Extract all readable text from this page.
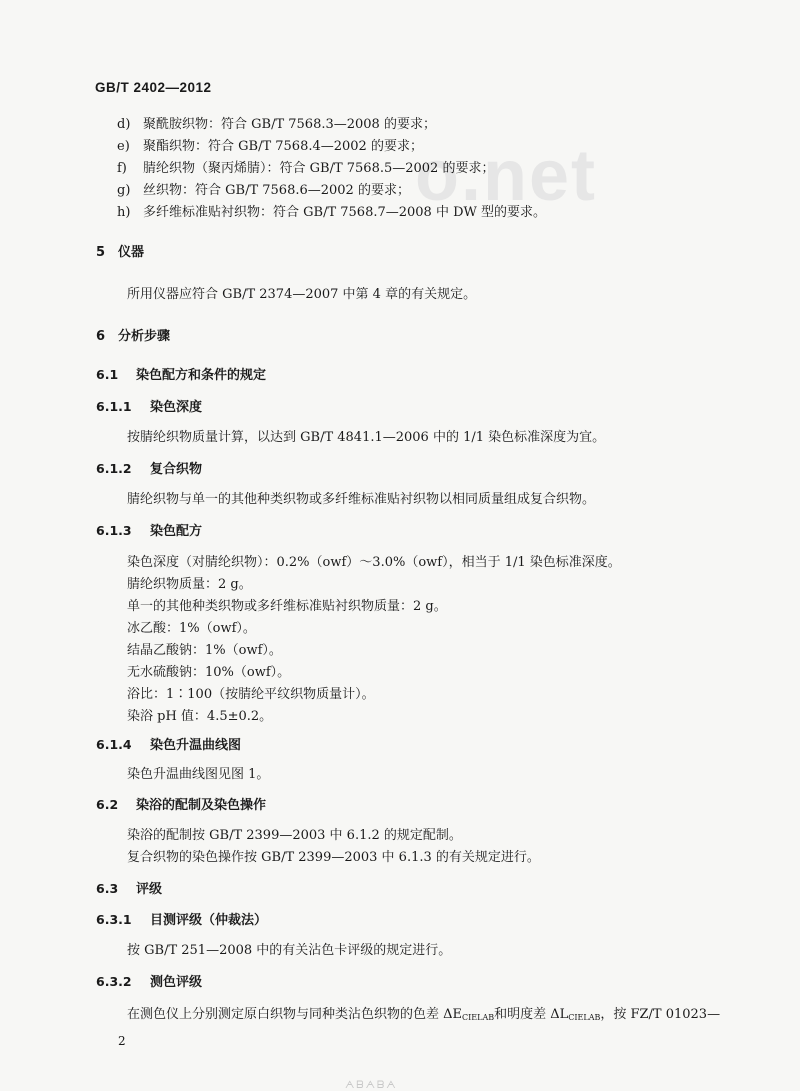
o.net
GB/T 2402—2012
d) 聚酰胺织物：符合 GB/T 7568.3—2008 的要求；
e) 聚酯织物：符合 GB/T 7568.4—2002 的要求；
f) 腈纶织物（聚丙烯腈）：符合 GB/T 7568.5—2002 的要求；
g) 丝织物：符合 GB/T 7568.6—2002 的要求；
h) 多纤维标准贴衬织物：符合 GB/T 7568.7—2008 中 DW 型的要求。
5 仪器
所用仪器应符合 GB/T 2374—2007 中第 4 章的有关规定。
6 分析步骤
6.1 染色配方和条件的规定
6.1.1 染色深度
按腈纶织物质量计算，以达到 GB/T 4841.1—2006 中的 1/1 染色标准深度为宜。
6.1.2 复合织物
腈纶织物与单一的其他种类织物或多纤维标准贴衬织物以相同质量组成复合织物。
6.1.3 染色配方
染色深度（对腈纶织物）：0.2%（owf）～3.0%（owf），相当于 1/1 染色标准深度。
腈纶织物质量：2 g。
单一的其他种类织物或多纤维标准贴衬织物质量：2 g。
冰乙酸：1%（owf）。
结晶乙酸钠：1%（owf）。
无水硫酸钠：10%（owf）。
浴比：1∶100（按腈纶平纹织物质量计）。
染浴 pH 值：4.5±0.2。
6.1.4 染色升温曲线图
染色升温曲线图见图 1。
6.2 染浴的配制及染色操作
染浴的配制按 GB/T 2399—2003 中 6.1.2 的规定配制。
复合织物的染色操作按 GB/T 2399—2003 中 6.1.3 的有关规定进行。
6.3 评级
6.3.1 目测评级（仲裁法）
按 GB/T 251—2008 中的有关沾色卡评级的规定进行。
6.3.2 测色评级
在测色仪上分别测定原白织物与同种类沾色织物的色差 $\Delta E_{CIELAB}$和明度差 $\Delta L_{CIELAB}$，按 FZ/T 01023—
2
ᗅᗷᗅᗷᗅ
